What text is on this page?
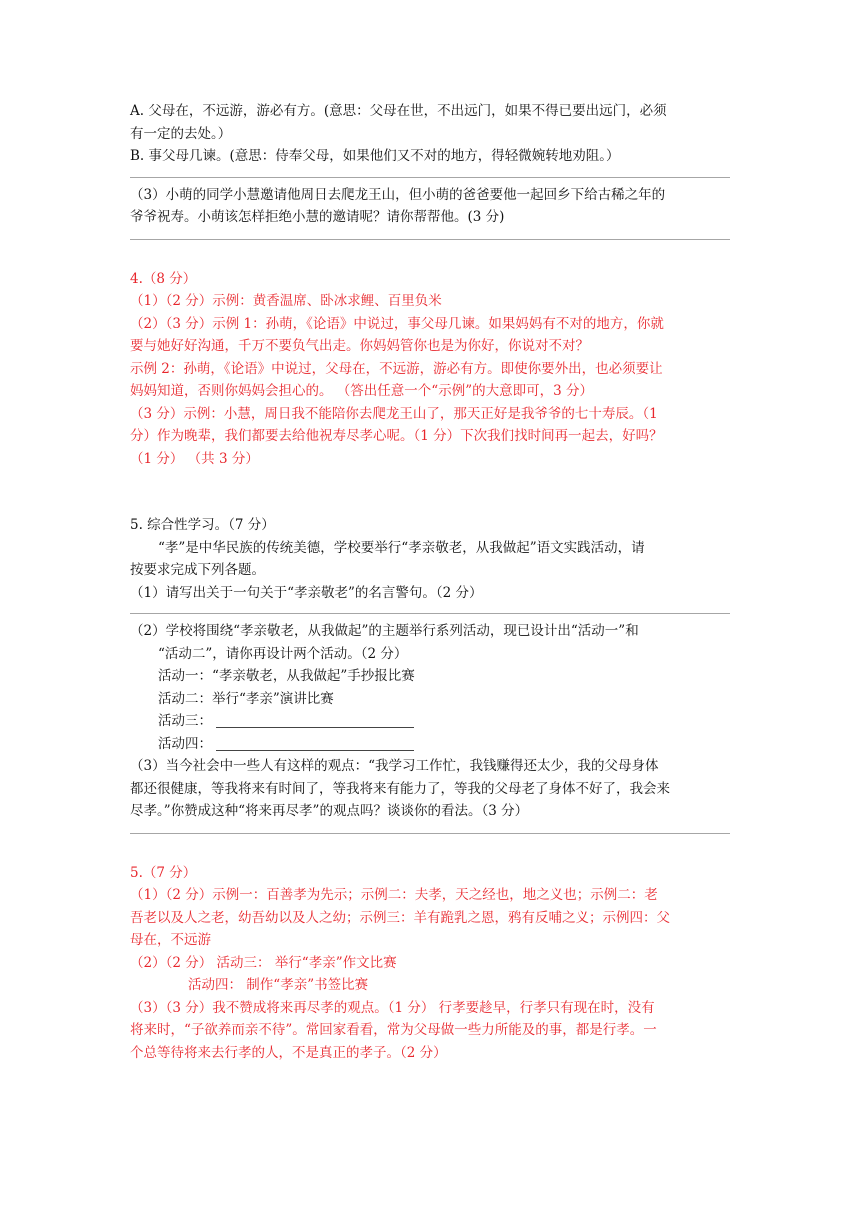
A. 父母在，不远游，游必有方。(意思：父母在世，不出远门，如果不得已要出远门，必须
有一定的去处。）
B. 事父母几谏。(意思：侍奉父母，如果他们又不对的地方，得轻微婉转地劝阻。）
（3）小萌的同学小慧邀请他周日去爬龙王山，但小萌的爸爸要他一起回乡下给古稀之年的
爷爷祝寿。小萌该怎样拒绝小慧的邀请呢？请你帮帮他。(3 分)
4.（8 分）
（1）（2 分）示例：黄香温席、卧冰求鲤、百里负米
（2）（3 分）示例 1：孙萌，《论语》中说过，事父母几谏。如果妈妈有不对的地方，你就
要与她好好沟通，千万不要负气出走。你妈妈管你也是为你好，你说对不对？
示例 2：孙萌，《论语》中说过，父母在，不远游，游必有方。即使你要外出，也必须要让
妈妈知道，否则你妈妈会担心的。 （答出任意一个“示例”的大意即可，3 分）
（3 分）示例：小慧，周日我不能陪你去爬龙王山了，那天正好是我爷爷的七十寿辰。（1
分）作为晚辈，我们都要去给他祝寿尽孝心呢。（1 分）下次我们找时间再一起去，好吗？
（1 分） （共 3 分）
5. 综合性学习。（7 分）
“孝”是中华民族的传统美德，学校要举行“孝亲敬老，从我做起”语文实践活动，请
按要求完成下列各题。
（1）请写出关于一句关于“孝亲敬老”的名言警句。（2 分）
（2）学校将围绕“孝亲敬老，从我做起”的主题举行系列活动，现已设计出“活动一”和
“活动二”，请你再设计两个活动。（2 分）
活动一：“孝亲敬老，从我做起”手抄报比赛
活动二：举行“孝亲”演讲比赛
活动三：
活动四：
（3）当今社会中一些人有这样的观点：“我学习工作忙，我钱赚得还太少，我的父母身体
都还很健康，等我将来有时间了，等我将来有能力了，等我的父母老了身体不好了，我会来
尽孝。”你赞成这种“将来再尽孝”的观点吗？谈谈你的看法。（3 分）
5.（7 分）
（1）（2 分）示例一：百善孝为先示；示例二：夫孝，天之经也，地之义也；示例二：老
吾老以及人之老，幼吾幼以及人之幼；示例三：羊有跪乳之恩，鸦有反哺之义；示例四：父
母在，不远游
（2）（2 分） 活动三： 举行“孝亲”作文比赛
活动四： 制作“孝亲”书签比赛
（3）（3 分）我不赞成将来再尽孝的观点。（1 分） 行孝要趁早，行孝只有现在时，没有
将来时，“子欲养而亲不待”。常回家看看，常为父母做一些力所能及的事，都是行孝。一
个总等待将来去行孝的人，不是真正的孝子。（2 分）
